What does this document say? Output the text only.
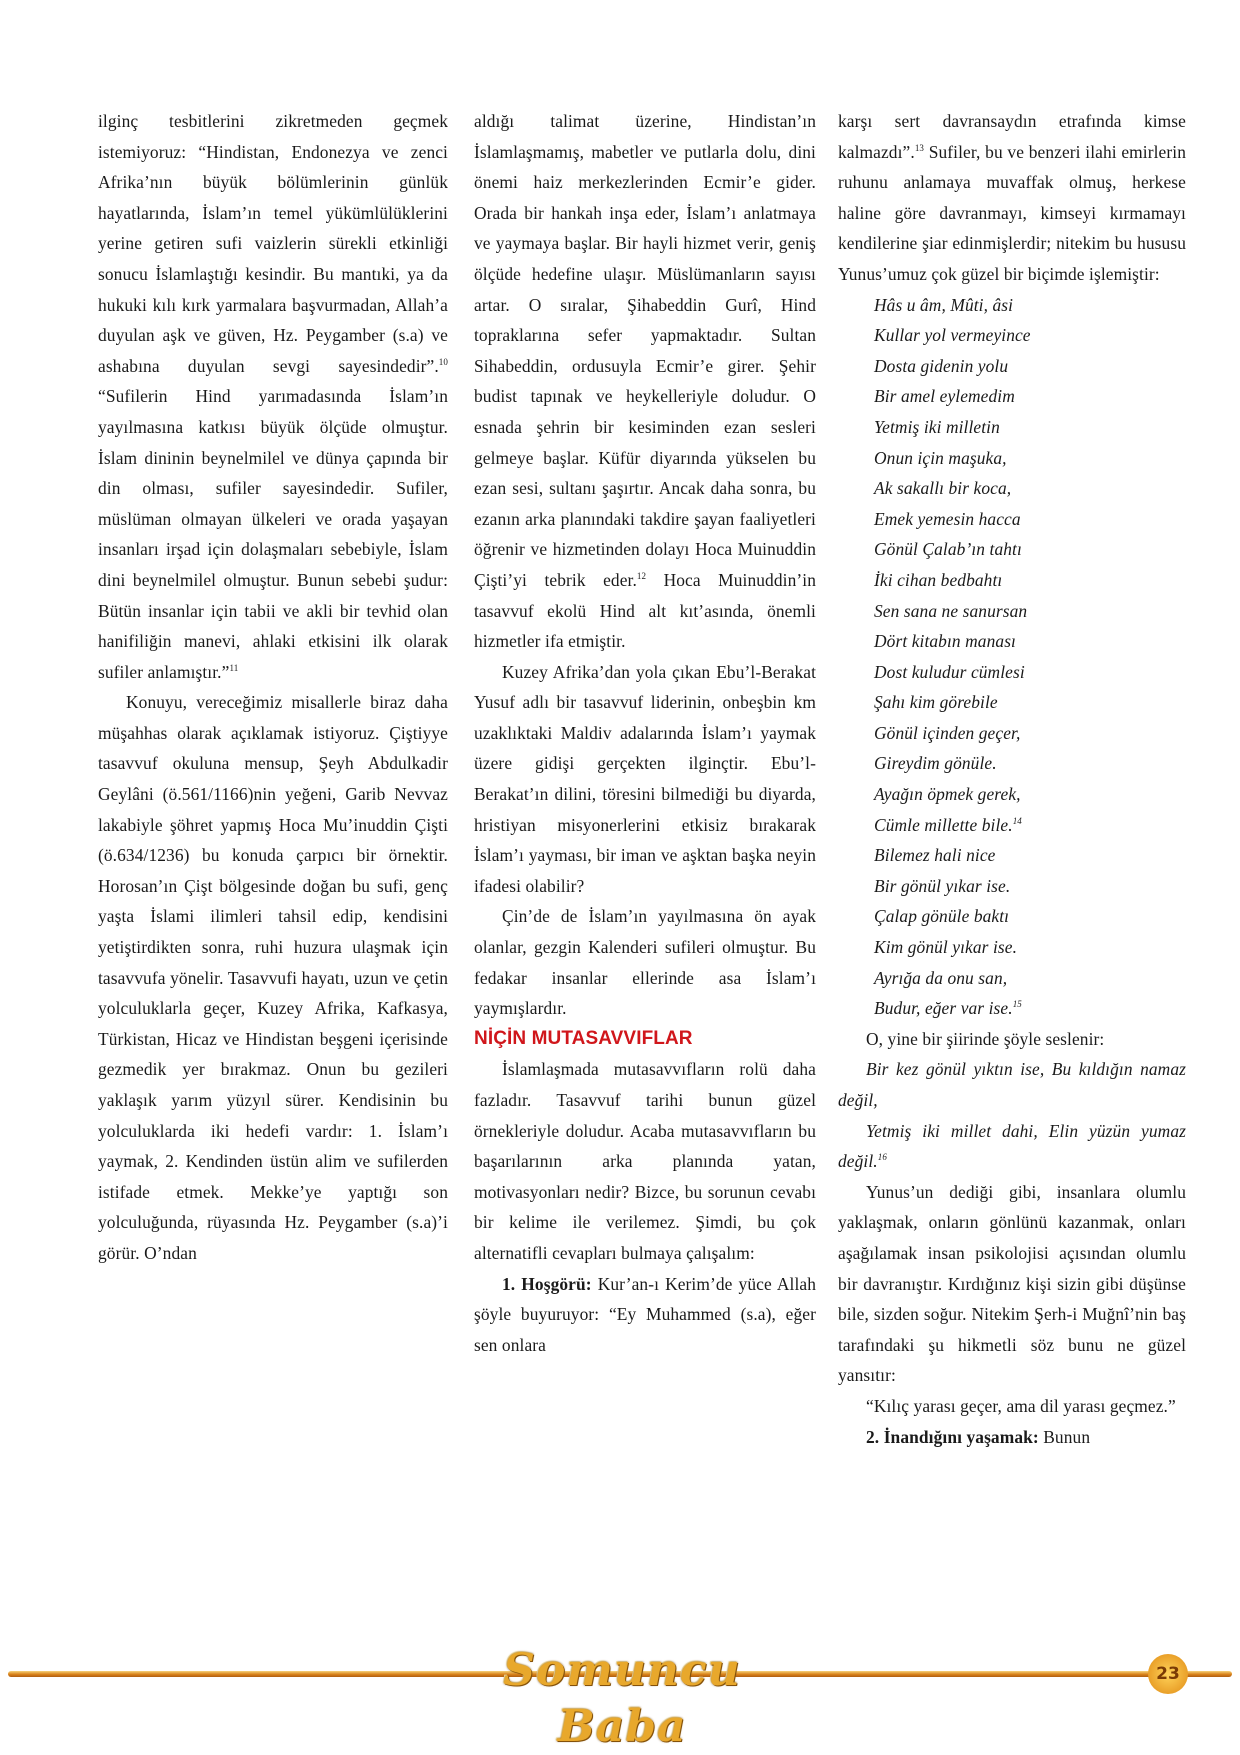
ilginç tesbitlerini zikretmeden geçmek istemiyoruz: “Hindistan, Endonezya ve zenci Afrika’nın büyük bölümlerinin günlük hayatlarında, İslam’ın temel yükümlülüklerini yerine getiren sufi vaizlerin sürekli etkinliği sonucu İslamlaştığı kesindir. Bu mantıki, ya da hukuki kılı kırk yarmalara başvurmadan, Allah’a duyulan aşk ve güven, Hz. Peygamber (s.a) ve ashabına duyulan sevgi sayesindedir”.$^{10}$ “Sufilerin Hind yarımadasında İslam’ın yayılmasına katkısı büyük ölçüde olmuştur. İslam dininin beynelmilel ve dünya çapında bir din olması, sufiler sayesindedir. Sufiler, müslüman olmayan ülkeleri ve orada yaşayan insanları irşad için dolaşmaları sebebiyle, İslam dini beynelmilel olmuştur. Bunun sebebi şudur: Bütün insanlar için tabii ve akli bir tevhid olan hanifiliğin manevi, ahlaki etkisini ilk olarak sufiler anlamıştır.”$^{11}$

Konuyu, vereceğimiz misallerle biraz daha müşahhas olarak açıklamak istiyoruz. Çiştiyye tasavvuf okuluna mensup, Şeyh Abdulkadir Geylâni (ö.561/1166)nin yeğeni, Garib Nevvaz lakabiyle şöhret yapmış Hoca Mu’inuddin Çişti (ö.634/1236) bu konuda çarpıcı bir örnektir. Horosan’ın Çişt bölgesinde doğan bu sufi, genç yaşta İslami ilimleri tahsil edip, kendisini yetiştirdikten sonra, ruhi huzura ulaşmak için tasavvufa yönelir. Tasavvufi hayatı, uzun ve çetin yolculuklarla geçer, Kuzey Afrika, Kafkasya, Türkistan, Hicaz ve Hindistan beşgeni içerisinde gezmedik yer bırakmaz. Onun bu gezileri yaklaşık yarım yüzyıl sürer. Kendisinin bu yolculuklarda iki hedefi vardır: 1. İslam’ı yaymak, 2. Kendinden üstün alim ve sufilerden istifade etmek. Mekke’ye yaptığı son yolculuğunda, rüyasında Hz. Peygamber (s.a)’i görür. O’ndan

aldığı talimat üzerine, Hindistan’ın İslamlaşmamış, mabetler ve putlarla dolu, dini önemi haiz merkezlerinden Ecmir’e gider. Orada bir hankah inşa eder, İslam’ı anlatmaya ve yaymaya başlar. Bir hayli hizmet verir, geniş ölçüde hedefine ulaşır. Müslümanların sayısı artar. O sıralar, Şihabeddin Gurî, Hind topraklarına sefer yapmaktadır. Sultan Sihabeddin, ordusuyla Ecmir’e girer. Şehir budist tapınak ve heykelleriyle doludur. O esnada şehrin bir kesiminden ezan sesleri gelmeye başlar. Küfür diyarında yükselen bu ezan sesi, sultanı şaşırtır. Ancak daha sonra, bu ezanın arka planındaki takdire şayan faaliyetleri öğrenir ve hizmetinden dolayı Hoca Muinuddin Çişti’yi tebrik eder.$^{12}$ Hoca Muinuddin’in tasavvuf ekolü Hind alt kıt’asında, önemli hizmetler ifa etmiştir.

Kuzey Afrika’dan yola çıkan Ebu’l-Berakat Yusuf adlı bir tasavvuf liderinin, onbeşbin km uzaklıktaki Maldiv adalarında İslam’ı yaymak üzere gidişi gerçekten ilginçtir. Ebu’l-Berakat’ın dilini, töresini bilmediği bu diyarda, hristiyan misyonerlerini etkisiz bırakarak İslam’ı yayması, bir iman ve aşktan başka neyin ifadesi olabilir?

Çin’de de İslam’ın yayılmasına ön ayak olanlar, gezgin Kalenderi sufileri olmuştur. Bu fedakar insanlar ellerinde asa İslam’ı yaymışlardır.

NİÇİN MUTASAVVIFLAR

İslamlaşmada mutasavvıfların rolü daha fazladır. Tasavvuf tarihi bunun güzel örnekleriyle doludur. Acaba mutasavvıfların bu başarılarının arka planında yatan, motivasyonları nedir? Bizce, bu sorunun cevabı bir kelime ile verilemez. Şimdi, bu çok alternatifli cevapları bulmaya çalışalım:

1. Hoşgörü: Kur’an-ı Kerim’de yüce Allah şöyle buyuruyor: “Ey Muhammed (s.a), eğer sen onlara

karşı sert davransaydın etrafında kimse kalmazdı”.$^{13}$ Sufiler, bu ve benzeri ilahi emirlerin ruhunu anlamaya muvaffak olmuş, herkese haline göre davranmayı, kimseyi kırmamayı kendilerine şiar edinmişlerdir; nitekim bu hususu Yunus’umuz çok güzel bir biçimde işlemiştir:

Hâs u âm, Mûti, âsi
Kullar yol vermeyince
Dosta gidenin yolu
Bir amel eylemedim
Yetmiş iki milletin
Onun için maşuka,
Ak sakallı bir koca,
Emek yemesin hacca
Gönül Çalab’ın tahtı
İki cihan bedbahtı
Sen sana ne sanursan
Dört kitabın manası
Dost kuludur cümlesi
Şahı kim görebile
Gönül içinden geçer,
Gireydim gönüle.
Ayağın öpmek gerek,
Cümle millette bile.$^{14}$
Bilemez hali nice
Bir gönül yıkar ise.
Çalap gönüle baktı
Kim gönül yıkar ise.
Ayrığa da onu san,
Budur, eğer var ise.$^{15}$

O, yine bir şiirinde şöyle seslenir:

Bir kez gönül yıktın ise, Bu kıldığın namaz değil,

Yetmiş iki millet dahi, Elin yüzün yumaz değil.$^{16}$

Yunus’un dediği gibi, insanlara olumlu yaklaşmak, onların gönlünü kazanmak, onları aşağılamak insan psikolojisi açısından olumlu bir davranıştır. Kırdığınız kişi sizin gibi düşünse bile, sizden soğur. Nitekim Şerh-i Muğnî’nin baş tarafındaki şu hikmetli söz bunu ne güzel yansıtır:

“Kılıç yarası geçer, ama dil yarası geçmez.”

2. İnandığını yaşamak: Bunun

Somuncu Baba
23
